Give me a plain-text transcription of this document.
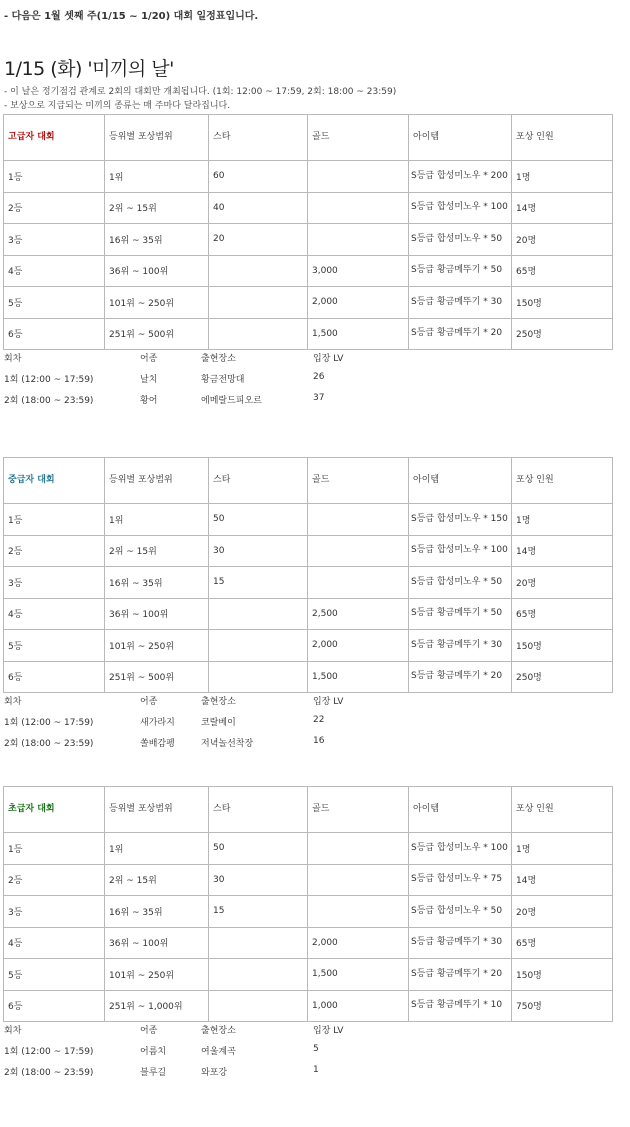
- 다음은 1월 셋째 주(1/15 ~ 1/20) 대회 일정표입니다.
1/15 (화) '미끼의 날'
- 이 날은 정기점검 관계로 2회의 대회만 개최됩니다. (1회: 12:00 ~ 17:59, 2회: 18:00 ~ 23:59)
- 보상으로 지급되는 미끼의 종류는 매 주마다 달라집니다.
고급자 대회	등위별 포상범위	스타	골드	아이템	포상 인원
1등	1위	60		S등급 합성미노우 * 200	1명
2등	2위 ~ 15위	40		S등급 합성미노우 * 100	14명
3등	16위 ~ 35위	20		S등급 합성미노우 * 50	20명
4등	36위 ~ 100위		3,000	S등급 황금메뚜기 * 50	65명
5등	101위 ~ 250위		2,000	S등급 황금메뚜기 * 30	150명
6등	251위 ~ 500위		1,500	S등급 황금메뚜기 * 20	250명
회차	어종	출현장소	입장 LV
1회 (12:00 ~ 17:59)	날치	황금전망대	26
2회 (18:00 ~ 23:59)	황어	에메랄드피오르	37
중급자 대회	등위별 포상범위	스타	골드	아이템	포상 인원
1등	1위	50		S등급 합성미노우 * 150	1명
2등	2위 ~ 15위	30		S등급 합성미노우 * 100	14명
3등	16위 ~ 35위	15		S등급 합성미노우 * 50	20명
4등	36위 ~ 100위		2,500	S등급 황금메뚜기 * 50	65명
5등	101위 ~ 250위		2,000	S등급 황금메뚜기 * 30	150명
6등	251위 ~ 500위		1,500	S등급 황금메뚜기 * 20	250명
회차	어종	출현장소	입장 LV
1회 (12:00 ~ 17:59)	새가라지	코랄베이	22
2회 (18:00 ~ 23:59)	쏠배감펭	저녁놀선착장	16
초급자 대회	등위별 포상범위	스타	골드	아이템	포상 인원
1등	1위	50		S등급 합성미노우 * 100	1명
2등	2위 ~ 15위	30		S등급 합성미노우 * 75	14명
3등	16위 ~ 35위	15		S등급 합성미노우 * 50	20명
4등	36위 ~ 100위		2,000	S등급 황금메뚜기 * 30	65명
5등	101위 ~ 250위		1,500	S등급 황금메뚜기 * 20	150명
6등	251위 ~ 1,000위		1,000	S등급 황금메뚜기 * 10	750명
회차	어종	출현장소	입장 LV
1회 (12:00 ~ 17:59)	어름치	여울계곡	5
2회 (18:00 ~ 23:59)	블루길	와포강	1
